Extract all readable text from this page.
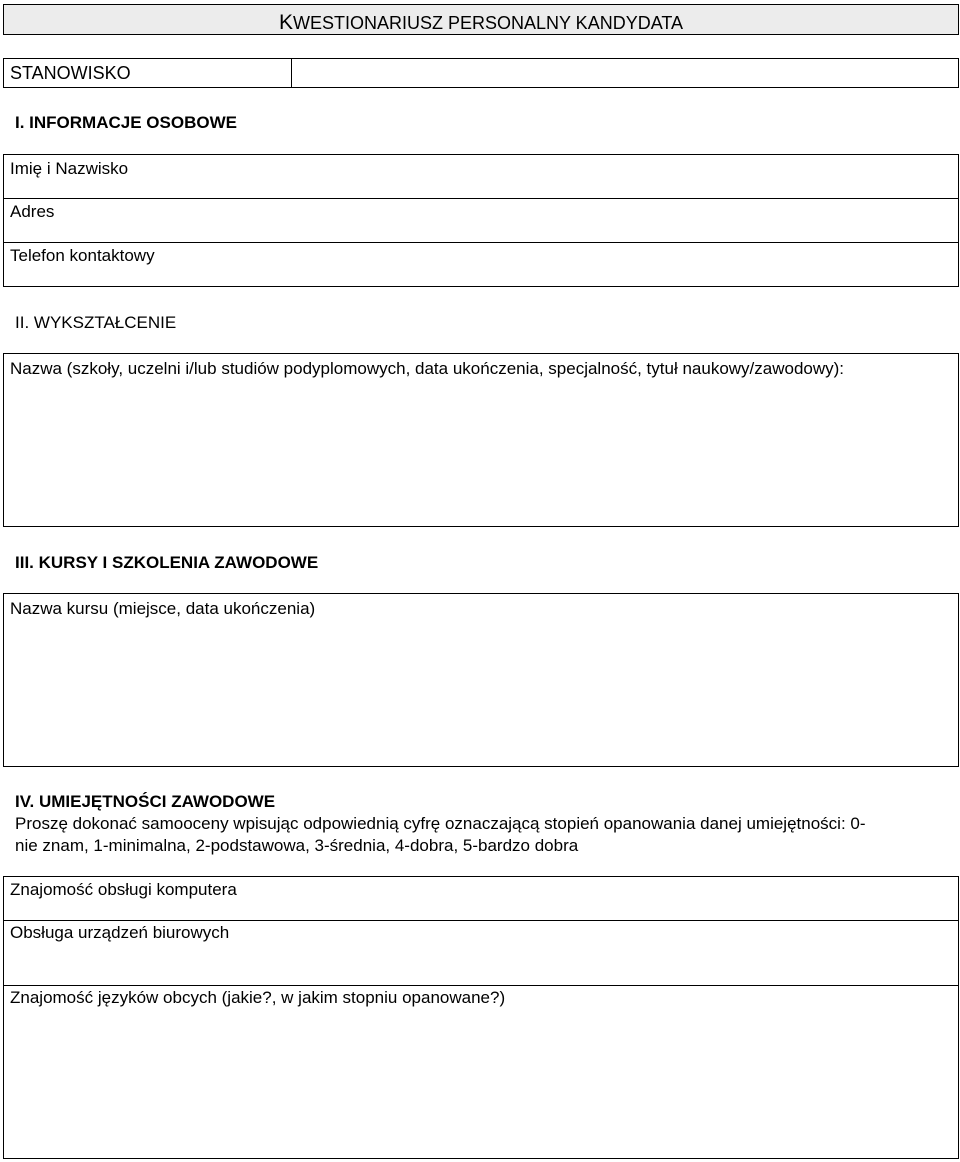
KWESTIONARIUSZ PERSONALNY KANDYDATA
STANOWISKO
I. INFORMACJE OSOBOWE
Imię i Nazwisko
Adres
Telefon kontaktowy
II. WYKSZTAŁCENIE
Nazwa (szkoły, uczelni i/lub studiów podyplomowych, data ukończenia, specjalność, tytuł naukowy/zawodowy):
III. KURSY I SZKOLENIA ZAWODOWE
Nazwa kursu (miejsce, data ukończenia)
IV. UMIEJĘTNOŚCI ZAWODOWE
Proszę dokonać samooceny wpisując odpowiednią cyfrę oznaczającą stopień opanowania danej umiejętności: 0-
nie znam, 1-minimalna, 2-podstawowa, 3-średnia, 4-dobra, 5-bardzo dobra
Znajomość obsługi komputera
Obsługa urządzeń biurowych
Znajomość języków obcych (jakie?, w jakim stopniu opanowane?)
